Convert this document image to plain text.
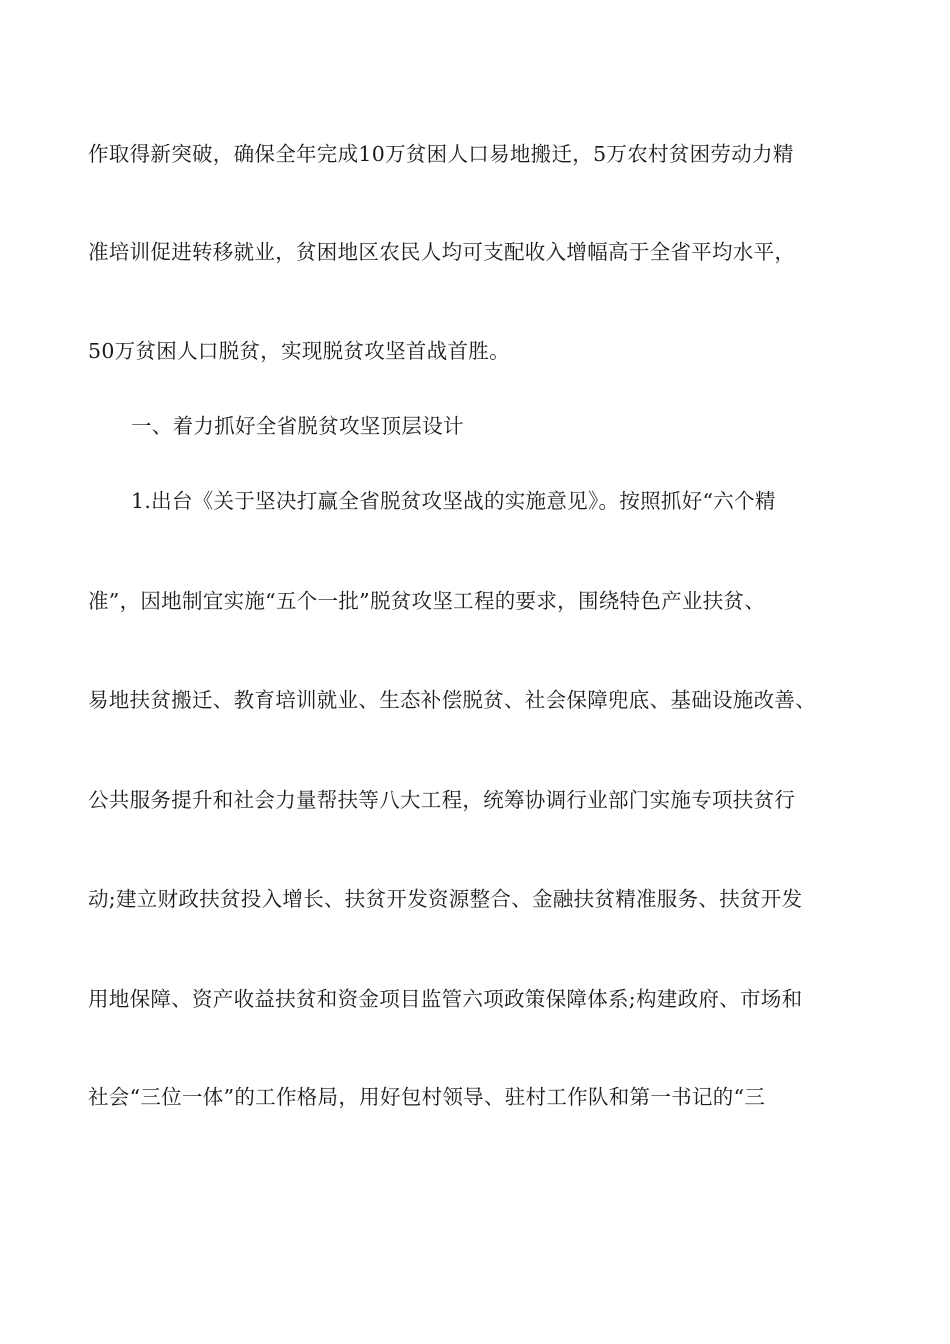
作取得新突破，确保全年完成10万贫困人口易地搬迁，5万农村贫困劳动力精
准培训促进转移就业，贫困地区农民人均可支配收入增幅高于全省平均水平，
50万贫困人口脱贫，实现脱贫攻坚首战首胜。
一、着力抓好全省脱贫攻坚顶层设计
1.出台《关于坚决打赢全省脱贫攻坚战的实施意见》。按照抓好“六个精
准”，因地制宜实施“五个一批”脱贫攻坚工程的要求，围绕特色产业扶贫、
易地扶贫搬迁、教育培训就业、生态补偿脱贫、社会保障兜底、基础设施改善、
公共服务提升和社会力量帮扶等八大工程，统筹协调行业部门实施专项扶贫行
动;建立财政扶贫投入增长、扶贫开发资源整合、金融扶贫精准服务、扶贫开发
用地保障、资产收益扶贫和资金项目监管六项政策保障体系;构建政府、市场和
社会“三位一体”的工作格局，用好包村领导、驻村工作队和第一书记的“三
